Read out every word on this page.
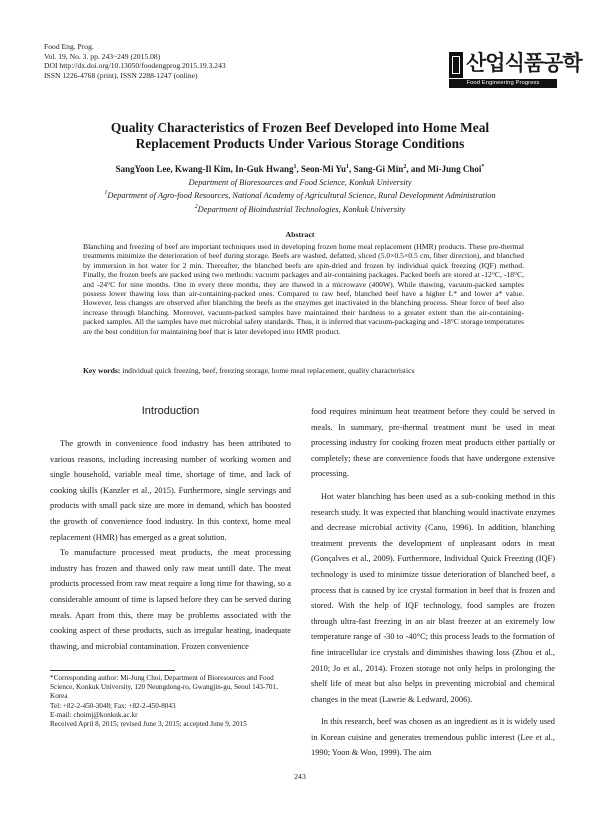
Food Eng. Prog.
Vol. 19, No. 3. pp. 243~249 (2015.08)
DOI http://dx.doi.org/10.13050/foodengprog.2015.19.3.243
ISSN 1226-4768 (print), ISSN 2288-1247 (online)
산업식품공학
Food Engineering Progress
Quality Characteristics of Frozen Beef Developed into Home Meal
Replacement Products Under Various Storage Conditions
SangYoon Lee, Kwang-Il Kim, In-Guk Hwang$^1$, Seon-Mi Yu$^1$, Sang-Gi Min$^2$, and Mi-Jung Choi*
Department of Bioresources and Food Science, Konkuk University
$^1$Department of Agro-food Resources, National Academy of Agricultural Science, Rural Development Administration
$^2$Department of Bioindustrial Technologies, Konkuk University
Abstract
Blanching and freezing of beef are important techniques used in developing frozen home meal replacement (HMR) products. These pre-thermal treatments minimize the deterioration of beef during storage. Beefs are washed, defatted, sliced (5.0×0.5×0.5 cm, fiber direction), and blanched by immersion in hot water for 2 min. Thereafter, the blanched beefs are spin-dried and frozen by individual quick freezing (IQF) method. Finally, the frozen beefs are packed using two methods: vacuum packages and air-containing packages. Packed beefs are stored at -12°C, -18°C, and -24°C for nine months. One in every three months, they are thawed in a microwave (400W). While thawing, vacuum-packed samples possess lower thawing loss than air-containing-packed ones. Compared to raw beef, blanched beef have a higher L* and lower a* value. However, less changes are observed after blanching the beefs as the enzymes get inactivated in the blanching process. Shear force of beef also increase through blanching. Moreover, vacuum-packed samples have maintained their hardness to a greater extent than the air-containing-packed samples. All the samples have met microbial safety standards. Thus, it is inferred that vacuum-packaging and -18°C storage temperatures are the best condition for maintaining beef that is later developed into HMR product.
Key words: individual quick freezing, beef, freezing storage, home meal replacement, quality characteristics
Introduction

The growth in convenience food industry has been attributed to various reasons, including increasing number of working women and single household, variable meal time, shortage of time, and lack of cooking skills (Kanzler et al., 2015). Furthermore, single servings and products with small pack size are more in demand, which has boosted the growth of convenience food industry. In this context, home meal replacement (HMR) has emerged as a great solution.

To manufacture processed meat products, the meat processing industry has frozen and thawed only raw meat untill date. The meat products processed from raw meat require a long time for thawing, so a considerable amount of time is lapsed before they can be served during meals. Apart from this, there may be problems associated with the cooking aspect of these products, such as irregular heating, inadequate thawing, and microbial contamination. Frozen convenience

food requires minimum heat treatment before they could be served in meals. In summary, pre-thermal treatment must be used in meat processing industry for cooking frozen meat products either partially or completely; these are convenience foods that have undergone extensive processing.

Hot water blanching has been used as a sub-cooking method in this research study. It was expected that blanching would inactivate enzymes and decrease microbial activity (Cano, 1996). In addition, blanching treatment prevents the development of unpleasant odors in meat (Gonçalves et al., 2009). Furthermore, Individual Quick Freezing (IQF) technology is used to minimize tissue deterioration of blanched beef, a process that is caused by ice crystal formation in beef that is frozen and stored. With the help of IQF technology, food samples are frozen through ultra-fast freezing in an air blast freezer at an extremely low temperature range of -30 to -40°C; this process leads to the formation of fine intracellular ice crystals and diminishes thawing loss (Zhou et al., 2010; Jo et al., 2014). Frozen storage not only helps in prolonging the shelf life of meat but also helps in preventing microbial and chemical changes in the meat (Lawrie & Ledward, 2006).

In this research, beef was chosen as an ingredient as it is widely used in Korean cuisine and generates tremendous public interest (Lee et al., 1990; Yoon & Woo, 1999). The aim

*Corresponding author: Mi-Jung Choi, Department of Bioresources and Food Science, Konkuk University, 120 Neungdong-ro, Gwangjin-gu, Seoul 143-701, Korea
Tel: +82-2-450-3048; Fax: +82-2-450-8043
E-mail: choimj@konkuk.ac.kr
Received April 8, 2015; revised June 3, 2015; accepted June 9, 2015
243
